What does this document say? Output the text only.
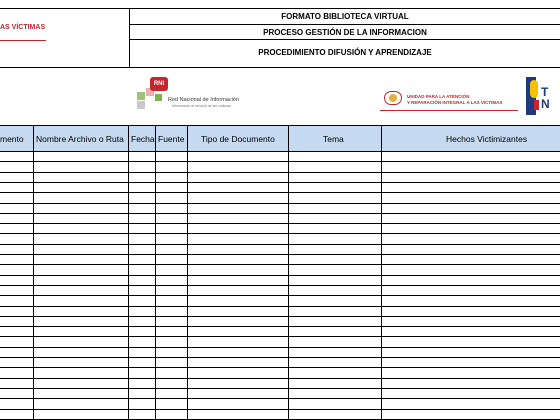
AS VÍCTIMAS
FORMATO BIBLIOTECA VIRTUAL
PROCESO GESTIÓN DE LA INFORMACION
PROCEDIMIENTO DIFUSIÓN Y APRENDIZAJE
RNI
Red Nacional de Información
Información al servicio de las víctimas
UNIDAD PARA LA ATENCIÓN
Y REPARACIÓN INTEGRAL A LAS VÍCTIMAS
T N
mento Nombre Archivo o Ruta Fecha Fuente Tipo de Documento	Tema	Hechos Victimizantes
